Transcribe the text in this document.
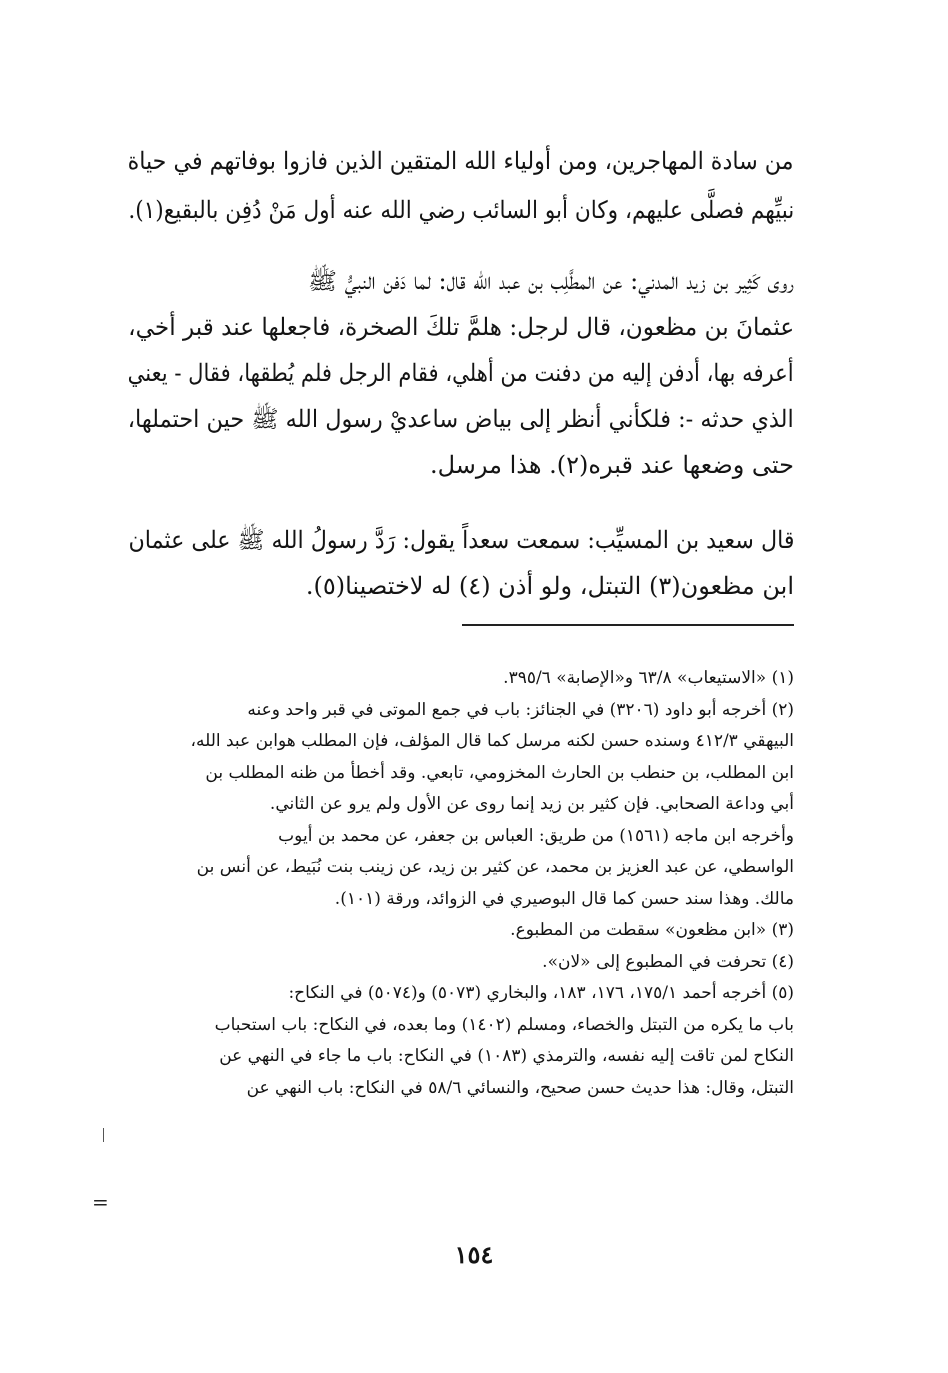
من سادة المهاجرين، ومن أولياء الله المتقين الذين فازوا بوفاتهم في حياة
نبيِّهم فصلَّى عليهم، وكان أبو السائب رضي الله عنه أول مَنْ دُفِن بالبقيع(١).
روى كَثِير بن زيد المدني: عن المطَّلِب بن عبد الله قال: لما دَفن النبيُّ ﷺ
عثمانَ بن مظعون، قال لرجل: هلمَّ تلكَ الصخرة، فاجعلها عند قبر أخي،
أعرفه بها، أدفن إليه من دفنت من أهلي، فقام الرجل فلم يُطقها، فقال - يعني
الذي حدثه -: فلكأني أنظر إلى بياض ساعديْ رسول الله ﷺ حين احتملها،
حتى وضعها عند قبره(٢). هذا مرسل.
قال سعيد بن المسيِّب: سمعت سعداً يقول: رَدَّ رسولُ الله ﷺ على عثمان
ابن مظعون(٣) التبتل، ولو أذن (٤) له لاختصينا(٥).
(١) «الاستيعاب» ٦٣/٨ و«الإصابة» ٣٩٥/٦.
(٢) أخرجه أبو داود (٣٢٠٦) في الجنائز: باب في جمع الموتى في قبر واحد وعنه
البيهقي ٤١٢/٣ وسنده حسن لكنه مرسل كما قال المؤلف، فإن المطلب هوابن عبد الله،
ابن المطلب، بن حنطب بن الحارث المخزومي، تابعي. وقد أخطأ من ظنه المطلب بن
أبي وداعة الصحابي. فإن كثير بن زيد إنما روى عن الأول ولم يرو عن الثاني.
وأخرجه ابن ماجه (١٥٦١) من طريق: العباس بن جعفر، عن محمد بن أيوب
الواسطي، عن عبد العزيز بن محمد، عن كثير بن زيد، عن زينب بنت نُبَيط، عن أنس بن
مالك. وهذا سند حسن كما قال البوصيري في الزوائد، ورقة (١٠١).
(٣) «ابن مظعون» سقطت من المطبوع.
(٤) تحرفت في المطبوع إلى «لان».
(٥) أخرجه أحمد ١٧٥/١، ١٧٦، ١٨٣، والبخاري (٥٠٧٣) و(٥٠٧٤) في النكاح:
باب ما يكره من التبتل والخصاء، ومسلم (١٤٠٢) وما بعده، في النكاح: باب استحباب
النكاح لمن تاقت إليه نفسه، والترمذي (١٠٨٣) في النكاح: باب ما جاء في النهي عن
التبتل، وقال: هذا حديث حسن صحيح، والنسائي ٥٨/٦ في النكاح: باب النهي عن
=
١٥٤
